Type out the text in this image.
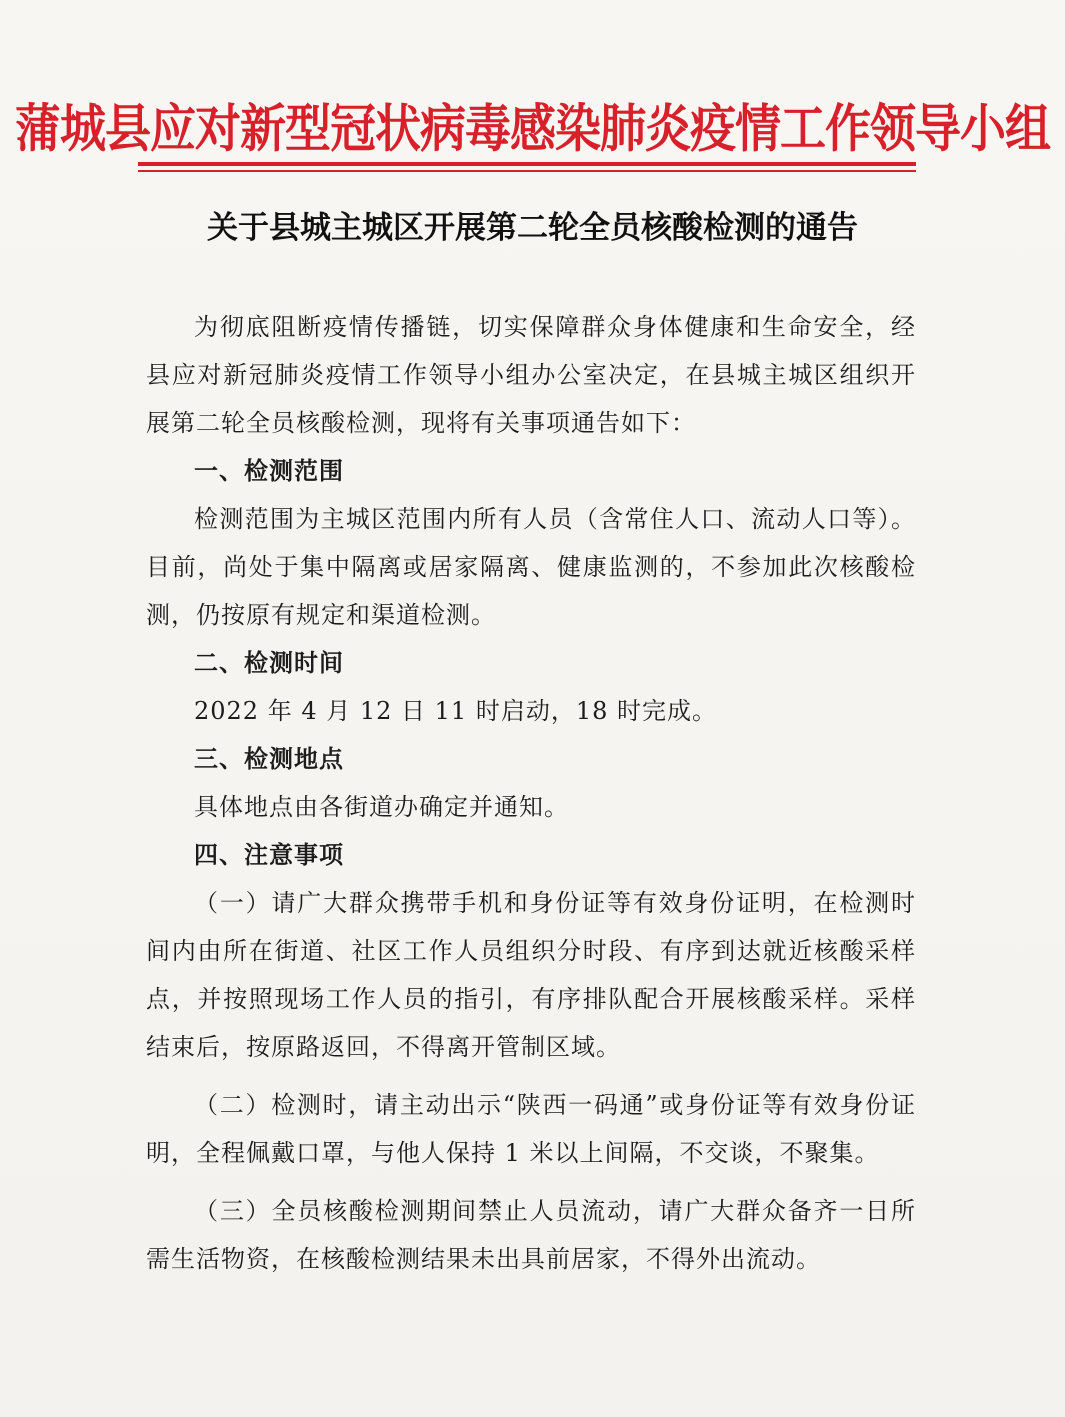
蒲城县应对新型冠状病毒感染肺炎疫情工作领导小组
关于县城主城区开展第二轮全员核酸检测的通告

为彻底阻断疫情传播链，切实保障群众身体健康和生命安全，经县应对新冠肺炎疫情工作领导小组办公室决定，在县城主城区组织开展第二轮全员核酸检测，现将有关事项通告如下：

一、检测范围

检测范围为主城区范围内所有人员（含常住人口、流动人口等）。目前，尚处于集中隔离或居家隔离、健康监测的，不参加此次核酸检测，仍按原有规定和渠道检测。

二、检测时间

2022 年 4 月 12 日 11 时启动，18 时完成。

三、检测地点

具体地点由各街道办确定并通知。

四、注意事项

（一）请广大群众携带手机和身份证等有效身份证明，在检测时间内由所在街道、社区工作人员组织分时段、有序到达就近核酸采样点，并按照现场工作人员的指引，有序排队配合开展核酸采样。采样结束后，按原路返回，不得离开管制区域。

（二）检测时，请主动出示“陕西一码通”或身份证等有效身份证明，全程佩戴口罩，与他人保持 1 米以上间隔，不交谈，不聚集。

（三）全员核酸检测期间禁止人员流动，请广大群众备齐一日所需生活物资，在核酸检测结果未出具前居家，不得外出流动。
